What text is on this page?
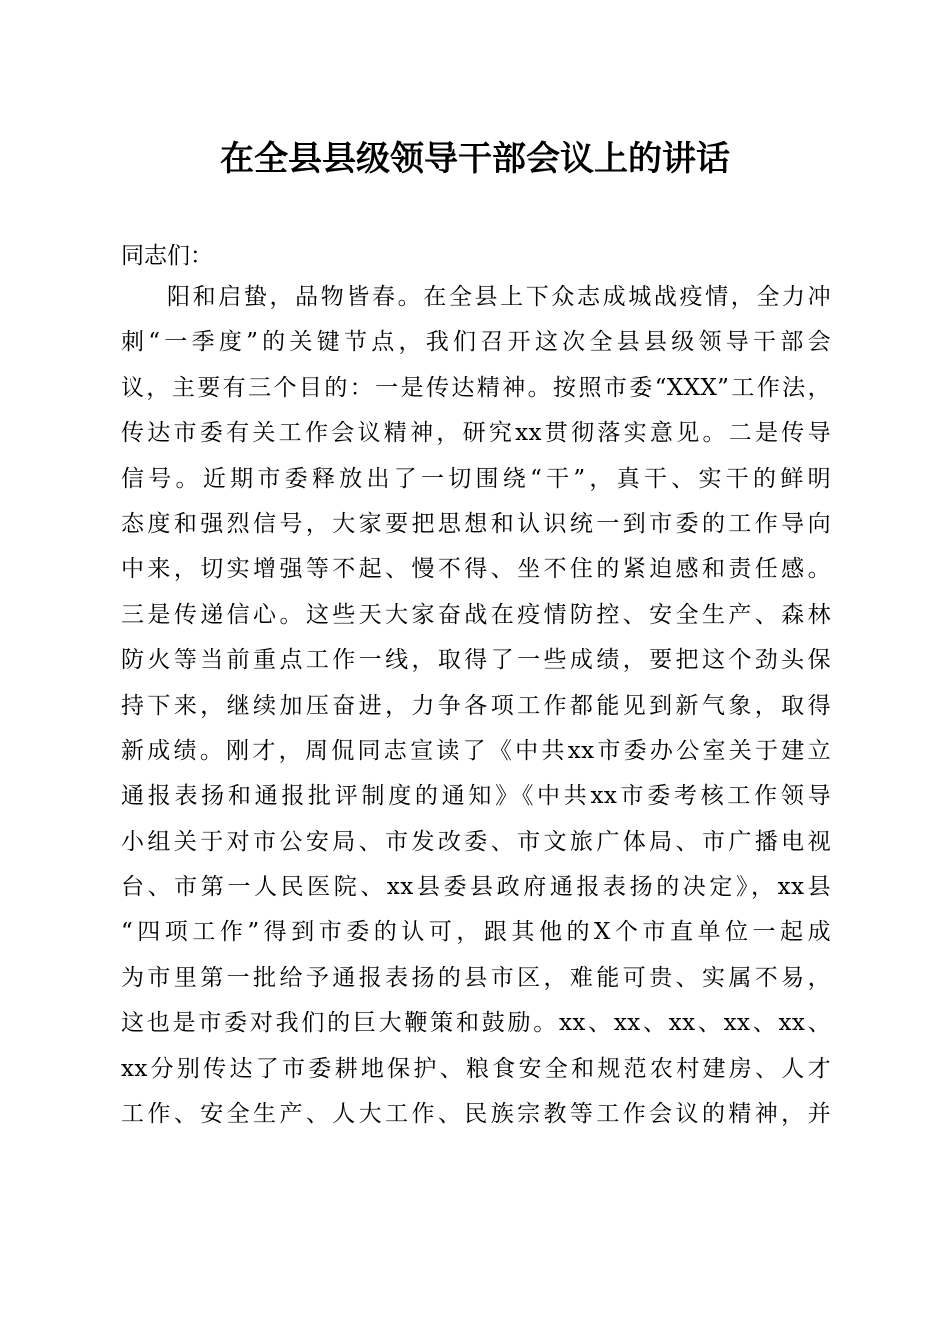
在全县县级领导干部会议上的讲话
同志们：
阳和启蛰，品物皆春。在全县上下众志成城战疫情，全力冲
刺“一季度”的关键节点，我们召开这次全县县级领导干部会
议，主要有三个目的：一是传达精神。按照市委“XXX”工作法，
传达市委有关工作会议精神，研究xx贯彻落实意见。二是传导
信号。近期市委释放出了一切围绕“干”，真干、实干的鲜明
态度和强烈信号，大家要把思想和认识统一到市委的工作导向
中来，切实增强等不起、慢不得、坐不住的紧迫感和责任感。
三是传递信心。这些天大家奋战在疫情防控、安全生产、森林
防火等当前重点工作一线，取得了一些成绩，要把这个劲头保
持下来，继续加压奋进，力争各项工作都能见到新气象，取得
新成绩。刚才，周侃同志宣读了《中共xx市委办公室关于建立
通报表扬和通报批评制度的通知》《中共xx市委考核工作领导
小组关于对市公安局、市发改委、市文旅广体局、市广播电视
台、市第一人民医院、xx县委县政府通报表扬的决定》，xx县
“四项工作”得到市委的认可，跟其他的X个市直单位一起成
为市里第一批给予通报表扬的县市区，难能可贵、实属不易，
这也是市委对我们的巨大鞭策和鼓励。xx、xx、xx、xx、xx、
xx分别传达了市委耕地保护、粮食安全和规范农村建房、人才
工作、安全生产、人大工作、民族宗教等工作会议的精神，并
